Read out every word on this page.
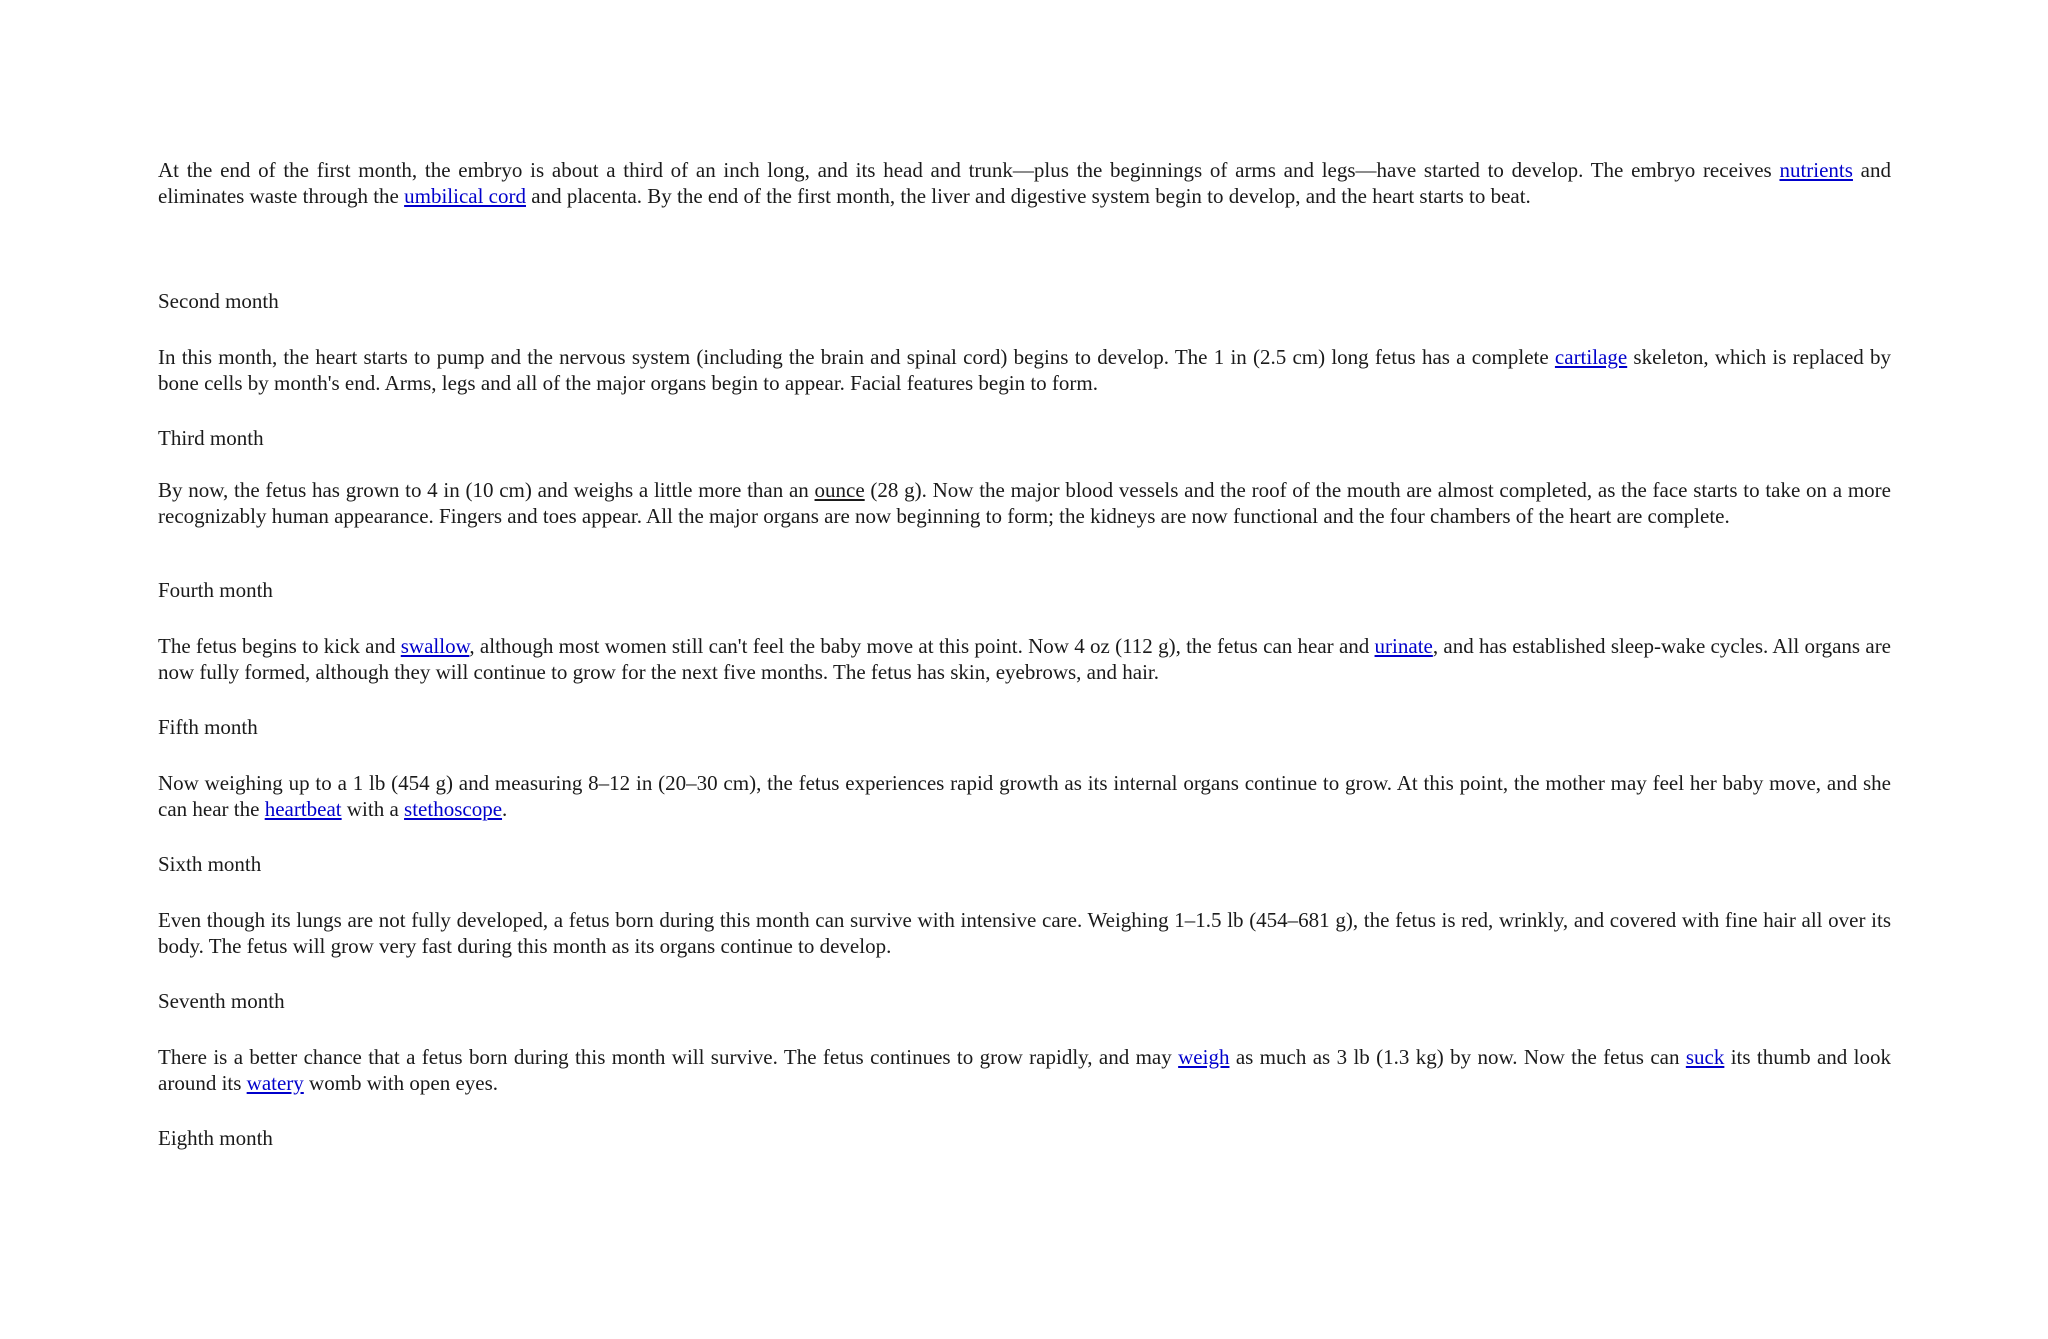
At the end of the first month, the embryo is about a third of an inch long, and its head and trunk—plus the beginnings of arms and legs—have started to develop. The embryo receives nutrients and eliminates waste through the umbilical cord and placenta. By the end of the first month, the liver and digestive system begin to develop, and the heart starts to beat.

Second month

In this month, the heart starts to pump and the nervous system (including the brain and spinal cord) begins to develop. The 1 in (2.5 cm) long fetus has a complete cartilage skeleton, which is replaced by bone cells by month's end. Arms, legs and all of the major organs begin to appear. Facial features begin to form.

Third month

By now, the fetus has grown to 4 in (10 cm) and weighs a little more than an ounce (28 g). Now the major blood vessels and the roof of the mouth are almost completed, as the face starts to take on a more recognizably human appearance. Fingers and toes appear. All the major organs are now beginning to form; the kidneys are now functional and the four chambers of the heart are complete.

Fourth month

The fetus begins to kick and swallow, although most women still can't feel the baby move at this point. Now 4 oz (112 g), the fetus can hear and urinate, and has established sleep-wake cycles. All organs are now fully formed, although they will continue to grow for the next five months. The fetus has skin, eyebrows, and hair.

Fifth month

Now weighing up to a 1 lb (454 g) and measuring 8–12 in (20–30 cm), the fetus experiences rapid growth as its internal organs continue to grow. At this point, the mother may feel her baby move, and she can hear the heartbeat with a stethoscope.

Sixth month

Even though its lungs are not fully developed, a fetus born during this month can survive with intensive care. Weighing 1–1.5 lb (454–681 g), the fetus is red, wrinkly, and covered with fine hair all over its body. The fetus will grow very fast during this month as its organs continue to develop.

Seventh month

There is a better chance that a fetus born during this month will survive. The fetus continues to grow rapidly, and may weigh as much as 3 lb (1.3 kg) by now. Now the fetus can suck its thumb and look around its watery womb with open eyes.

Eighth month
